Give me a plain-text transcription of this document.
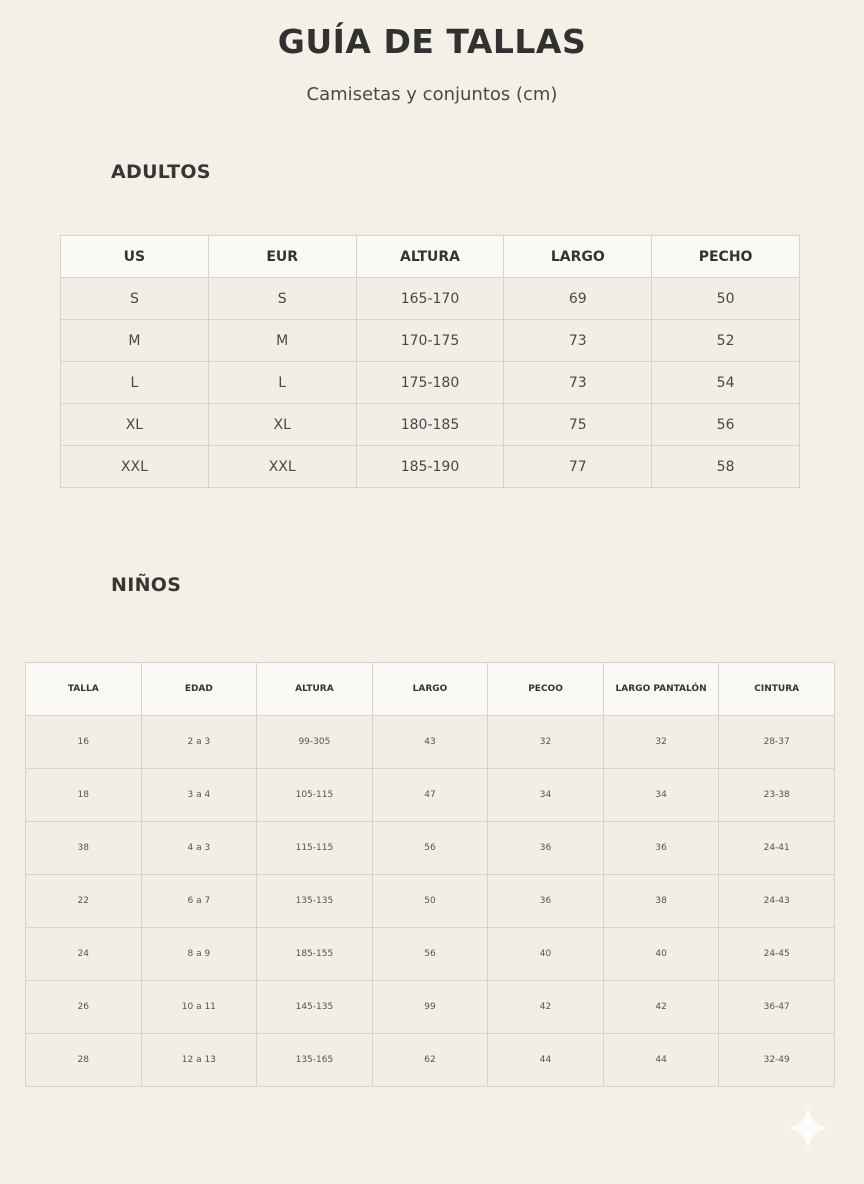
GUÍA DE TALLAS
Camisetas y conjuntos (cm)
ADULTOS
US	EUR	ALTURA	LARGO	PECHO
S	S	165-170	69	50
M	M	170-175	73	52
L	L	175-180	73	54
XL	XL	180-185	75	56
XXL	XXL	185-190	77	58
NIÑOS
TALLA	EDAD	ALTURA	LARGO	PECOO	LARGO PANTALÓN	CINTURA
16	2 a 3	99-305	43	32	32	28-37
18	3 a 4	105-115	47	34	34	23-38
38	4 a 3	115-115	56	36	36	24-41
22	6 a 7	135-135	50	36	38	24-43
24	8 a 9	185-155	56	40	40	24-45
26	10 a 11	145-135	99	42	42	36-47
28	12 a 13	135-165	62	44	44	32-49
